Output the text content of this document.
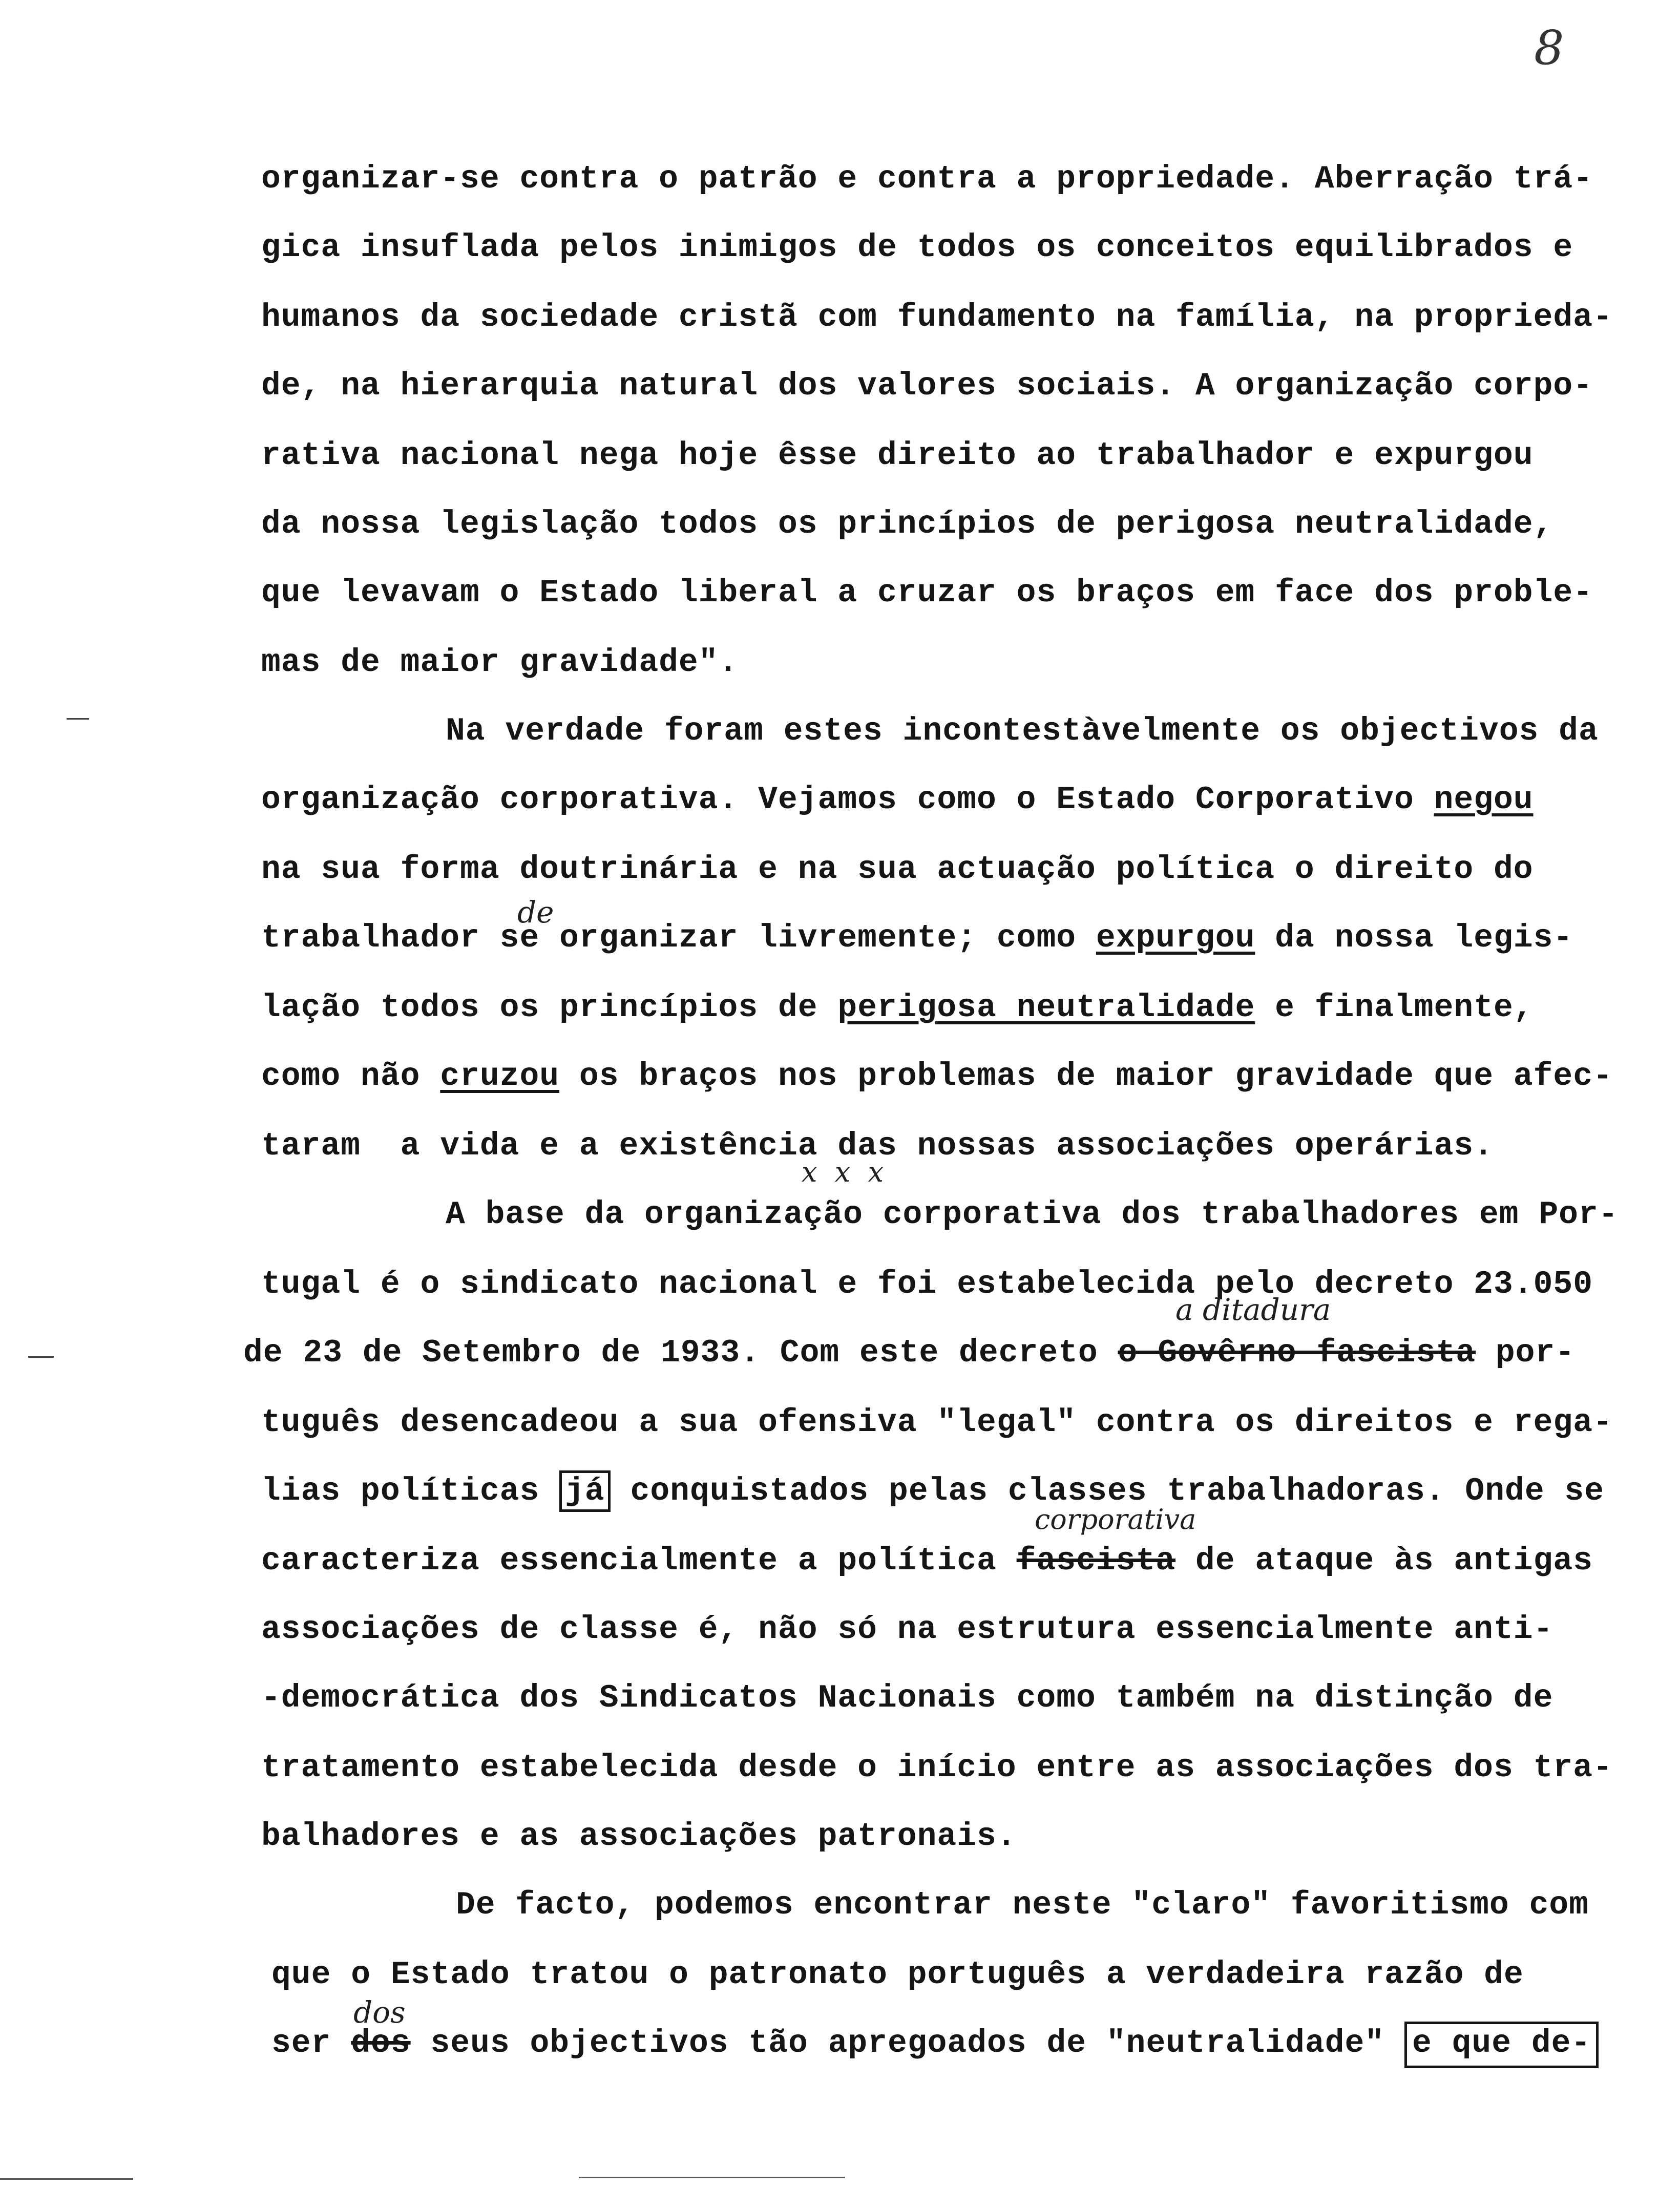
8
organizar-se contra o patrão e contra a propriedade. Aberração trá-
gica insuflada pelos inimigos de todos os conceitos equilibrados e
humanos da sociedade cristã com fundamento na família, na proprieda-
de, na hierarquia natural dos valores sociais. A organização corpo-
rativa nacional nega hoje êsse direito ao trabalhador e expurgou
da nossa legislação todos os princípios de perigosa neutralidade,
que levavam o Estado liberal a cruzar os braços em face dos proble-
mas de maior gravidade".
Na verdade foram estes incontestàvelmente os objectivos da
organização corporativa. Vejamos como o Estado Corporativo negou
na sua forma doutrinária e na sua actuação política o direito do
de
trabalhador se organizar livremente; como expurgou da nossa legis-
lação todos os princípios de perigosa neutralidade e finalmente,
como não cruzou os braços nos problemas de maior gravidade que afec-
taram  a vida e a existência das nossas associações operárias.
x  x  x
A base da organização corporativa dos trabalhadores em Por-
tugal é o sindicato nacional e foi estabelecida pelo decreto 23.050
a ditadura
de 23 de Setembro de 1933. Com este decreto o Govêrno fascista por-
tuguês desencadeou a sua ofensiva "legal" contra os direitos e rega-
lias políticas já conquistados pelas classes trabalhadoras. Onde se
corporativa
caracteriza essencialmente a política fascista de ataque às antigas
associações de classe é, não só na estrutura essencialmente anti-
-democrática dos Sindicatos Nacionais como também na distinção de
tratamento estabelecida desde o início entre as associações dos tra-
balhadores e as associações patronais.
De facto, podemos encontrar neste "claro" favoritismo com
que o Estado tratou o patronato português a verdadeira razão de
dos
ser dos seus objectivos tão apregoados de "neutralidade" e que de-
